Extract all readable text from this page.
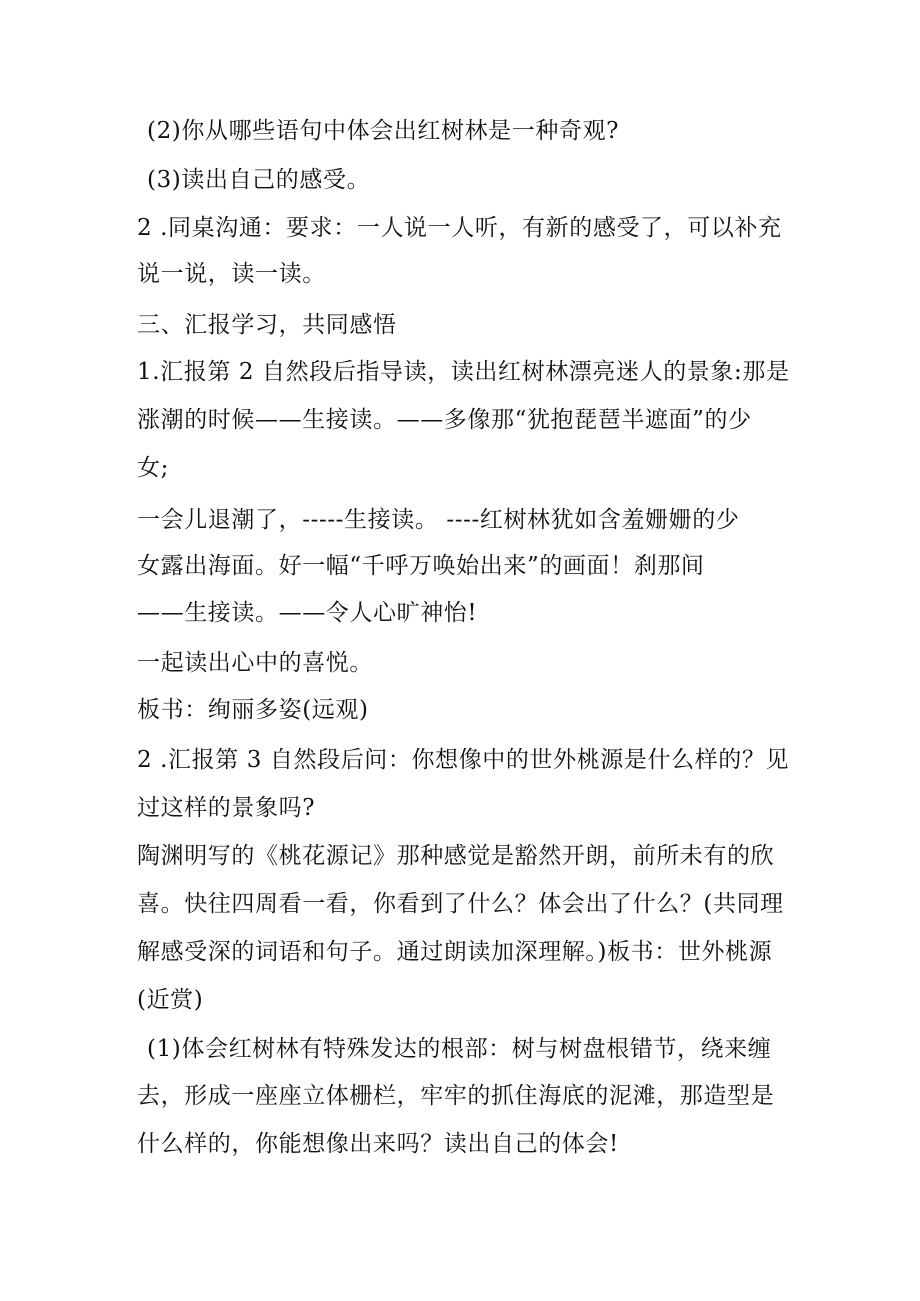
(2)你从哪些语句中体会出红树林是一种奇观?
(3)读出自己的感受。
2 .同桌沟通：要求：一人说一人听，有新的感受了，可以补充
说一说，读一读。
三、汇报学习，共同感悟
1.汇报第 2 自然段后指导读，读出红树林漂亮迷人的景象:那是
涨潮的时候——生接读。——多像那“犹抱琵琶半遮面”的少
女;
一会儿退潮了，-----生接读。 ----红树林犹如含羞姗姗的少
女露出海面。好一幅“千呼万唤始出来”的画面！刹那间
——生接读。——令人心旷神怡!
一起读出心中的喜悦。
板书：绚丽多姿(远观)
2 .汇报第 3 自然段后问：你想像中的世外桃源是什么样的？见
过这样的景象吗?
陶渊明写的《桃花源记》那种感觉是豁然开朗，前所未有的欣
喜。快往四周看一看，你看到了什么？体会出了什么？(共同理
解感受深的词语和句子。通过朗读加深理解。)板书：世外桃源
(近赏)
(1)体会红树林有特殊发达的根部：树与树盘根错节，绕来缠
去，形成一座座立体栅栏，牢牢的抓住海底的泥滩，那造型是
什么样的，你能想像出来吗？读出自己的体会!
